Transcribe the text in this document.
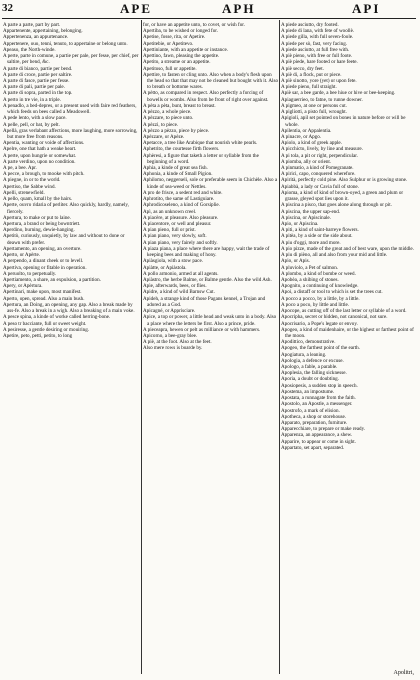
32	APE	APH	API

A parte a parte, part by part.

Appartenente, appertaining, belonging.

Appertenenza, an appurtenance.

Appertenere, ouo, tenni, tenuto, to appertaine or belong unto.

Apeaso, the North-winde.

A perte, parte in comune, a partie per pale, per fesse, per chief, per saltire, per bend, &c.

A parte di bianco, partie per bend.

A parte di croce, partie per saltire.

A parte di fasce, partie per fesse.

A parte di pali, partie per pale.

A parte di sopra, parted in the top.

A perto in tre vie, in a triple.

A penadlo, a bed-depres, or a present used with faire red feathers, which feeds on bees called a Meadowell.

A pede lento, with a slow pace.

A pelle, pell, or bat, by pelt.

Apellà, gras verlabant affections, more laughing, more sorrowing, but more free from reasons.

Apentia, wanting or voide of affections.

Apelre, one that hath a weake heart.

A perte, upon hungrie or somewhat.

A parte verdino, upon no condition.

A pe, a bee. Apr.

A pecce, a brough, to mooke with pitch.

A piegne, in or to the world.

Apertiso, the Sabbe wind.

Apelli, strenewfield.

A pello, quam, kmall by the hairs.

Aperte, ouvro ridaria of perliter. Also quickly, hardly, namely, fiercely.

Apertura, to make or put to laine.

Apertura, a brand or being bowntriett.

Aperdino, burning, dewie-hanging.

Apetitò, curiously, unquietly, by law and without to done or deawn with prefer.

Apertamento, an opening, an overture.

Aperto, or Apèrte.

A perpendo, a dinant cheek or to levell.

Apertiva, opening or fitable in operation.

A peruolto, to perpetually.

Apertiamento, a share, an expulsion, a partition.

Apery, or Apèrtura.

Apertinari, make upon, most manifest.

Aperto, open, spread. Also a main bush.

Apertura, an Doing, an opening, any gap. Also a break made by ass-fe. Also a break in a wigh. Also a breaking of a main voke.

A pesce spina, a kinde of worke called herring-bone.

A peso tr bacciante, full or sweet weight.

A pesiresse, a gentle desiring or mouiring.

Apetire, peto, petti, petito, to long

for, or have an appetite unto, to covet, or wish for.

Apertiba, to be wished or longed for.

Apetise, fosse, rita, or Apetire.

Apetitebie, or Apetitevo.

Apettiniante, with an appetite or instance.

Apettino, fawn, pleasing the appetite.

Apetito, a streame or an appetite.

Apetitoso, full or appetite.

Apettire, to fasten or cling unto. Also when a body's flesh upon the head so that that may not be cleaned but bought with it. Also to breath or bottome wares.

A pètto, as compared in respect. Also perfectly a forcing of bowells or wombs. Also from be front of right over against.

A pèta a pèta, bunt, breast to breast.

A pèzzo, a whole piece.

A pèzzare, to piece unto.

A pèzzi, to piece.

A pèzzo a pèzzo, piece by piece.

Apèzzare, or Apèze.

Apetacce, a tree like Arabique that nourish white pearls.

Aphetrito, the courtesse firth flowers.

Aphèresi, a figure that taketh a letter or syllable from the beginning of a word.

Aphia, a kinde of great sea fish.

Aphonia, a kinde of Small Pigion.

Aphilomo, neggerseli, sole or preferable seem in Chichèle. Also a kinde of sea-weed or Nettles.

A pro de frisce, a sedent red and white.

Aphrotito, the same of Lastiguiare.

Aphrodicoseleno, a kind of Gorsiplie.

Apì, as an unknown creel.

A piacère, at pleasure. Also pleasure.

A piacentore, or well and pleasur.

A pian pieno, full or prist.

A pian piano, very slowly, soft.

A pian piano, very fairely and softly.

A piaza piana, a place where there are happy, wait the trade of keeping bees and making of hony.

Apiàsgiola, with a stow pace.

Apìàtte, or Apiàstola.

A pollo armonio, armed at all agents.

Apiàstro, the herbe Balme, or Balme gentle. Also the wild Ash.

Apìe, afterwards, bees, or flies.

Apidre, a kind of wild Barnsw Cut.

Apideh, a strange kind of those Pagans kennel, a Trojan and adored as a God.

Apicagné, or Apprisciare.

Apice, a top or power, a little head and weak unto in a body. Also a place where the letters be first. Also a prince, pride.

A pieceapra, hewen or pelt as milliance or with hammers.

Apicorno, a bee-gray blee.

A piè, at the foot. Also at the feet.

Also mere rows is boarde by.

A piede asciutto, dry footed.

A piede di lana, with fete of woollè.

A piede gilla, with full seven-foole.

A piede per sò, fast, very facing.

A piede asciutto, at full free with.

A piè pieno, with free or full foote.

A piè piede, hare footed or hare feete.

A piè secco, dry feet.

A piè di, a flock, put or piece.

A piè sinotto, yore (yet) or upon fete.

A piede pieno, full straight.

Apiè sar, a bee garde, a bee hiue or hive or bee-keeping.

Apiaguerrieo, to fatne, to runne downer.

A pigmeo, at one or persons cut.

A pigliotti, a pisto full, wrought.

Apigioli, apil set pointed on bones in nature before or will be whole.

Apilentia, or Appalentia.

A pinacre, or Apgo.

Apiolo, a kind of greek apple.

A picchicto, lively, by line and measure.

A pi tola, a pit or right, perpendicular.

A piomba, ally or orient.

A pinmatio, a kind of Pomegranate.

A pirici, capo, conquered wherefore.

Apirità, perfectly cold pine. Also Sulphur or is growing stone.

Apiabbà, a lady or Cavia full of stone.

Apioma, a kind of kind of brown-oyed, a green and plum or grasse, gleyed spot lies upon it.

A piscina a pisco, that goes alone along through or pit.

A piscina, the upper sap-end.

A piscina, or Apiscinale.

Apio, or Apiscina.

A piti, a kind of saint-barreye flowers.

A pitèa, by a side or the side about.

A piu d'oggi, more and more.

A pio pizze, made of the great and of best ware, upon the middle.

A piu di pièno, all and also from your mid and little.

Apio, or Apis.

A pluviolo, a Pet of salmon.

A plombo, a kind of bombe or weed.

Apobèa, a shibing of stones.

Apognito, a continuing of knowledge.

Apoi, a distaff or tool to which is set the trees cut.

A pocco a pocco, by a little, by a little.

A poco a poco, by little and little.

Apocope, as cutting off of the last letter or syllable of a word.

Apocripha, secret or hidden, not canonical, not sure.

Apocrisario, a Pope's legate or envoy.

Apogeo, a kind of maidenhaire, or the highest or farthest point of the moon.

Apodittico, demonstrative.

Apogeo, the farthest point of the earth.

Apogiatura, a leaning.

Apologia, a defence or excuse.

Apologo, a fable, a parable.

Apoplesia, the falling sicknesse.

Aporia, a doubt or doubting.

Aposiopesis, a sudden stop in speech.

Apostema, an impostume.

Apostata, a runnagate from the faith.

Apostolo, an Apostle, a messenger.

Apostrofo, a mark of elision.

Apotheca, a shop or storehouse.

Apparato, preparation, furniture.

Apparecchiare, to prepare or make ready.

Apparenza, an appearance, a shew.

Apparire, to appear or come in sight.

Appartato, set apart, separated.

Apolitri,
